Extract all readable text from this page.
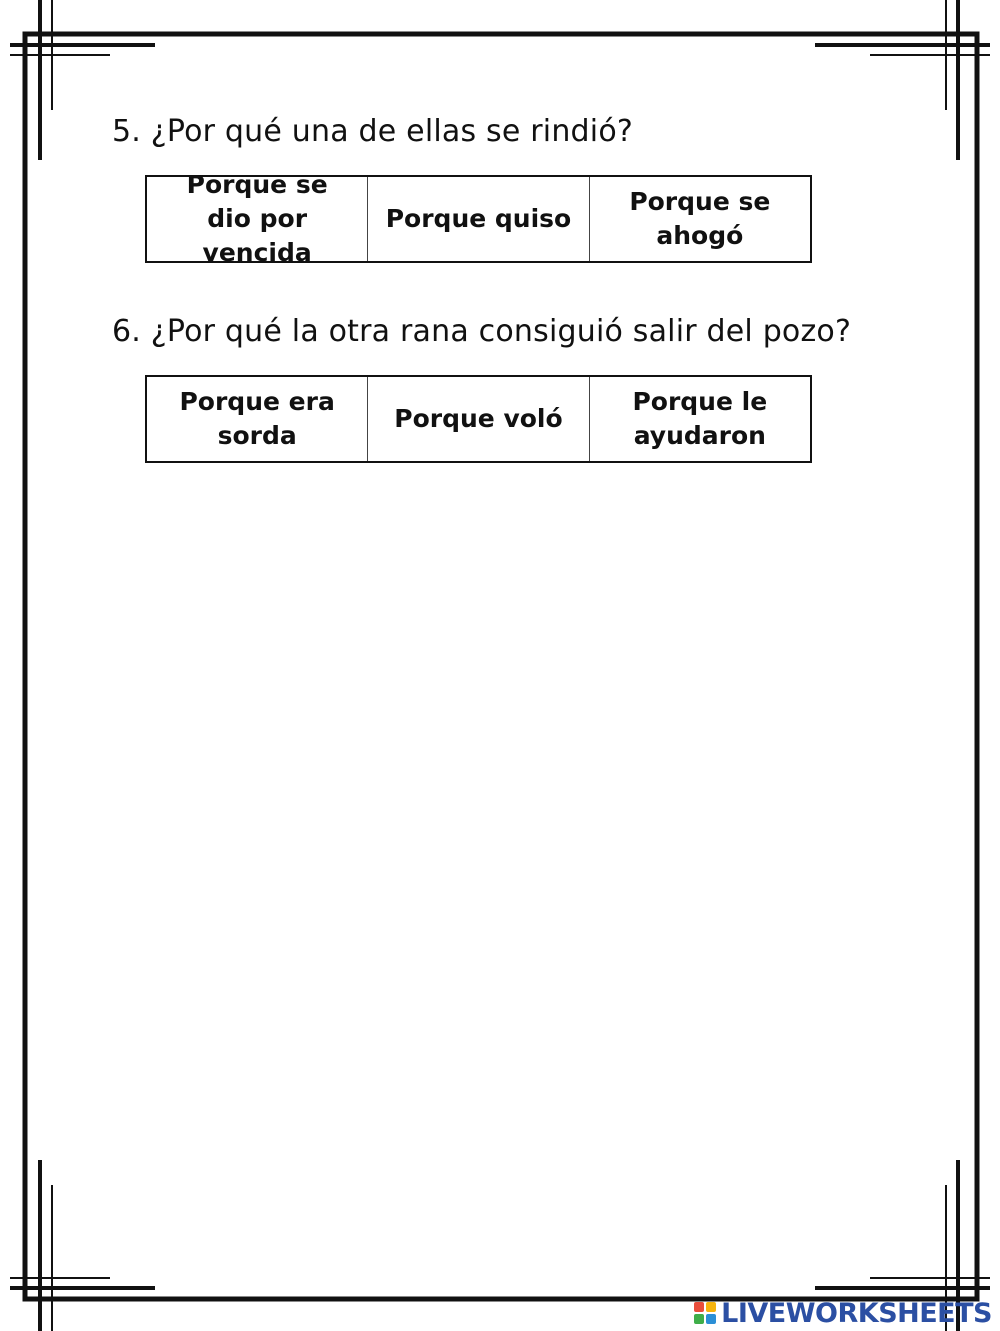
5. ¿Por qué una de ellas se rindió?
Porque se dio por vencida
Porque quiso
Porque se ahogó
6. ¿Por qué la otra rana consiguió salir del pozo?
Porque era sorda
Porque voló
Porque le ayudaron
LIVEWORKSHEETS
